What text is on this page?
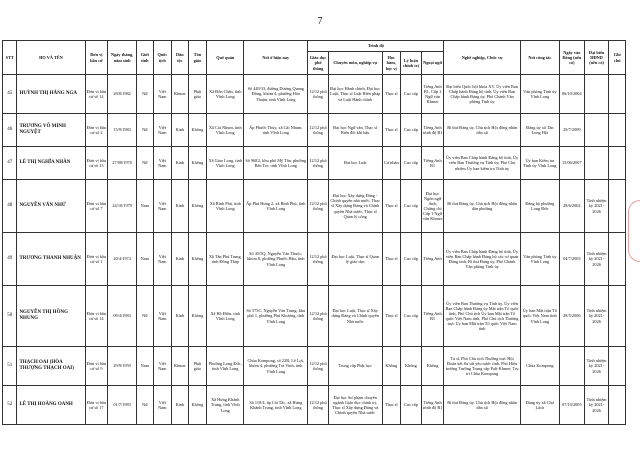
7
STT	HỌ VÀ TÊN	Đơn vị bầu cử	Ngày tháng, năm sinh	Giới tính	Quốc tịch	Dân tộc	Tôn giáo	Quê quán	Nơi ở hiện nay	Trình độ					Nghề nghiệp, Chức vụ	Nơi công tác	Ngày vào Đảng (nếu có)	Đại biểu HĐND (nếu có)	Ghi chú
										Giáo dục phổ thông	Chuyên môn, nghiệp vụ	Học hàm, học vị	Lý luận chính trị	Ngoại ngữ					
45	HUỲNH THỊ HẰNG NGA	Đơn vị bầu cử số 14	28/8/1982	Nữ	Việt Nam	Khmer	Phật giáo	Xã Đôn Châu, tỉnh Vĩnh Long	Số 449/33, đường Dương Quang Đông, khóm 4, phường Hòa Thuận, tỉnh Vĩnh Long	12/12 phổ thông	Đại học Hành chính, Đại học Luật, Thạc sĩ Luật Hiến pháp và Luật Hành chính	Thạc sĩ	Cao cấp	Tiếng Anh B1, Cấp 1 Ngữ văn Khmer	Đại biểu Quốc hội khóa XV, Ủy viên Ban Chấp hành Đảng bộ tỉnh, Ủy viên Ban Chấp hành Đảng ủy, Phó Chánh Văn phòng Tỉnh ủy	Văn phòng Tỉnh ủy Vĩnh Long	06/10/2004		
46	TRƯƠNG VÕ MINH NGUYỆT	Đơn vị bầu cử số 2	15/9/1983	Nữ	Việt Nam	Kinh	Không	Xã Cái Nhum, tỉnh Vĩnh Long	Ấp Phước Thủy, xã Cái Nhum, tỉnh Vĩnh Long	12/12 phổ thông	Đại học Ngữ văn, Thạc sĩ Biến đổi khí hậu	Thạc sĩ	Cao cấp	Tiếng Anh trình độ B1	Bí thư Đảng ủy, Chủ tịch Hội đồng nhân dân xã	Đảng ủy xã Tân Long Hội	29/7/2009		
47	LÊ THỊ NGHĨA NHÂN	Đơn vị bầu cử số 13	27/08/1970	Nữ	Việt Nam	Kinh	Không	Xã Giao Long, tỉnh Vĩnh Long	Số 96E2, khu phố Mỹ Tân, phường Bến Tre, tỉnh Vĩnh Long	12/12 phổ thông	Đại học Luật	Cử nhân	Cao cấp	Tiếng Anh B1	Ủy viên Ban Chấp hành Đảng bộ tỉnh, Ủy viên Ban Thường vụ Tỉnh ủy, Phó Chủ nhiệm Ủy ban kiểm tra Tỉnh ủy	Ủy ban Kiểm tra Tỉnh ủy Vĩnh Long	15/06/2007		
48	NGUYỄN VĂN NHỨ	Đơn vị bầu cử số 7	24/10/1979	Nam	Việt Nam	Kinh	Không	Xã Bình Phú, tỉnh Vĩnh Long	Ấp Phú Hưng 2, xã Bình Phú, tỉnh Vĩnh Long	12/12 phổ thông	Đại học Xây dựng Đảng - Chính quyền nhà nước, Thạc sĩ Xây dựng Đảng và Chính quyền Nhà nước, Thạc sĩ Quản lý công	Thạc sĩ	Cao cấp	Đại học Ngôn ngữ Anh, Chứng chỉ Cấp 1 Ngữ văn Khmer	Bí thư Đảng ủy, Chủ tịch Hội đồng nhân dân phường	Đảng bộ phường Long Đức	28/6/2002	Tỉnh nhiệm kỳ 2021-2026	
49	TRƯƠNG THANH NHUẬN	Đơn vị bầu cử số 1	20/4/1974	Nam	Việt Nam	Kinh	Không	Xã Tân Phú Trung, tỉnh Đồng Tháp	Số 45/5Q, Nguyễn Văn Thuộc, khóm 8, phường Phước Hậu, tỉnh Vĩnh Long	12/12 phổ thông	Đại học Luật, Thạc sĩ Quản lý giáo dục	Thạc sĩ	Cao cấp	Tiếng Anh	Ủy viên Ban Chấp hành Đảng bộ tỉnh, Ủy viên Ban Chấp hành Đảng bộ các cơ quan Đảng tỉnh, Bí thư Đảng ủy, Phó Chánh Văn phòng Tỉnh ủy	Văn phòng Tỉnh ủy Vĩnh Long	04/7/2003	Tỉnh nhiệm kỳ 2021-2026	
50	NGUYỄN THỊ HỒNG NHUNG	Đơn vị bầu cử số 14	09/4/1983	Nữ	Việt Nam	Kinh	Không	Xã Hồ Điền, tỉnh Vĩnh Long	Số 575C, Nguyễn Văn Trung, khu phố 1, phường Phú Khương, tỉnh Vĩnh Long	12/12 phổ thông	Đại học Luật, Thạc sĩ Xây dựng Đảng và Chính quyền Nhà nước	Thạc sĩ	Cao cấp	Tiếng Anh B1	Ủy viên Ban Thường vụ Tỉnh ủy, Ủy viên Ban Chấp hành Đảng ủy Mặt trận Tổ quốc tỉnh, Phó Chủ tịch Ủy ban Mặt trận Tổ quốc Việt Nam tỉnh, Phó Chủ tịch Thường trực Ủy ban Mặt trận Tổ quốc Việt Nam tỉnh	Ủy ban Mặt trận Tổ quốc Việt Nam tỉnh Vĩnh Long	28/5/2006	Tỉnh nhiệm kỳ 2021-2026	
51	THẠCH OAI (HÒA THƯỢNG THẠCH OAI)	Đơn vị bầu cử số 9	29/9/1959	Nam	Việt Nam	Khmer	Phật giáo	Phường Long Đức, tỉnh Vĩnh Long	Chùa Kompong, số 22B, Lê Lợi, khóm 4, phường Trà Vinh, tỉnh Vĩnh Long	12/12 phổ thông	Trung cấp Phật học	Không	Không	Không	Tu sĩ, Phó Chủ tịch Thường trực Hội Đoàn kết Sư sãi yêu nước tỉnh, Phó Hiệu trưởng Trường Trung cấp Pali-Khmer, Trụ trì Chùa Kompong	Chùa Kompong		Tỉnh nhiệm kỳ 2021-2026	
52	LÊ THỊ HOÀNG OANH	Đơn vị bầu cử số 17	01/7/1983	Nữ	Việt Nam	Kinh	Không	Xã Hưng Khánh Trung, tỉnh Vĩnh Long	Số 110/4, ấp Cái Tắc, xã Hưng Khánh Trung, tỉnh Vĩnh Long	12/12 phổ thông	Đại học Sư phạm chuyên ngành Giáo dục chính trị, Thạc sĩ Xây dựng Đảng và Chính quyền Nhà nước	Thạc sĩ	Cao cấp	Tiếng Anh trình độ B1	Bí thư Đảng ủy, Chủ tịch Hội đồng nhân dân xã	Đảng ủy xã Chợ Lách	07/10/2005	Tỉnh nhiệm kỳ 2021-2026	
